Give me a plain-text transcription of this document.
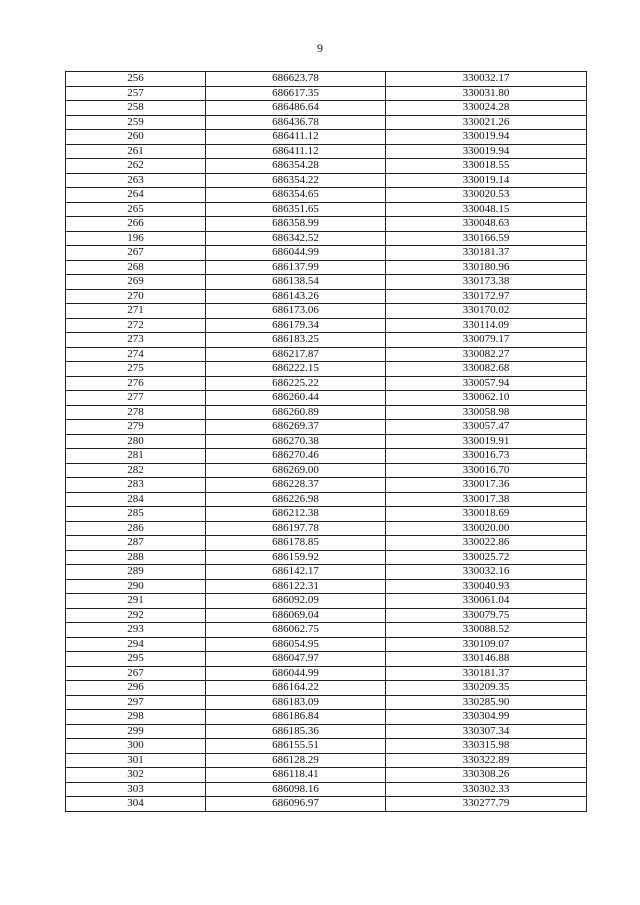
9
256	686623.78	330032.17
257	686617.35	330031.80
258	686486.64	330024.28
259	686436.78	330021.26
260	686411.12	330019.94
261	686411.12	330019.94
262	686354.28	330018.55
263	686354.22	330019.14
264	686354.65	330020.53
265	686351.65	330048.15
266	686358.99	330048.63
196	686342.52	330166.59
267	686044.99	330181.37
268	686137.99	330180.96
269	686138.54	330173.38
270	686143.26	330172.97
271	686173.06	330170.02
272	686179.34	330114.09
273	686183.25	330079.17
274	686217.87	330082.27
275	686222.15	330082.68
276	686225.22	330057.94
277	686260.44	330062.10
278	686260.89	330058.98
279	686269.37	330057.47
280	686270.38	330019.91
281	686270.46	330016.73
282	686269.00	330016.70
283	686228.37	330017.36
284	686226.98	330017.38
285	686212.38	330018.69
286	686197.78	330020.00
287	686178.85	330022.86
288	686159.92	330025.72
289	686142.17	330032.16
290	686122.31	330040.93
291	686092.09	330061.04
292	686069.04	330079.75
293	686062.75	330088.52
294	686054.95	330109.07
295	686047.97	330146.88
267	686044.99	330181.37
296	686164.22	330209.35
297	686183.09	330285.90
298	686186.84	330304.99
299	686185.36	330307.34
300	686155.51	330315.98
301	686128.29	330322.89
302	686118.41	330308.26
303	686098.16	330302.33
304	686096.97	330277.79
